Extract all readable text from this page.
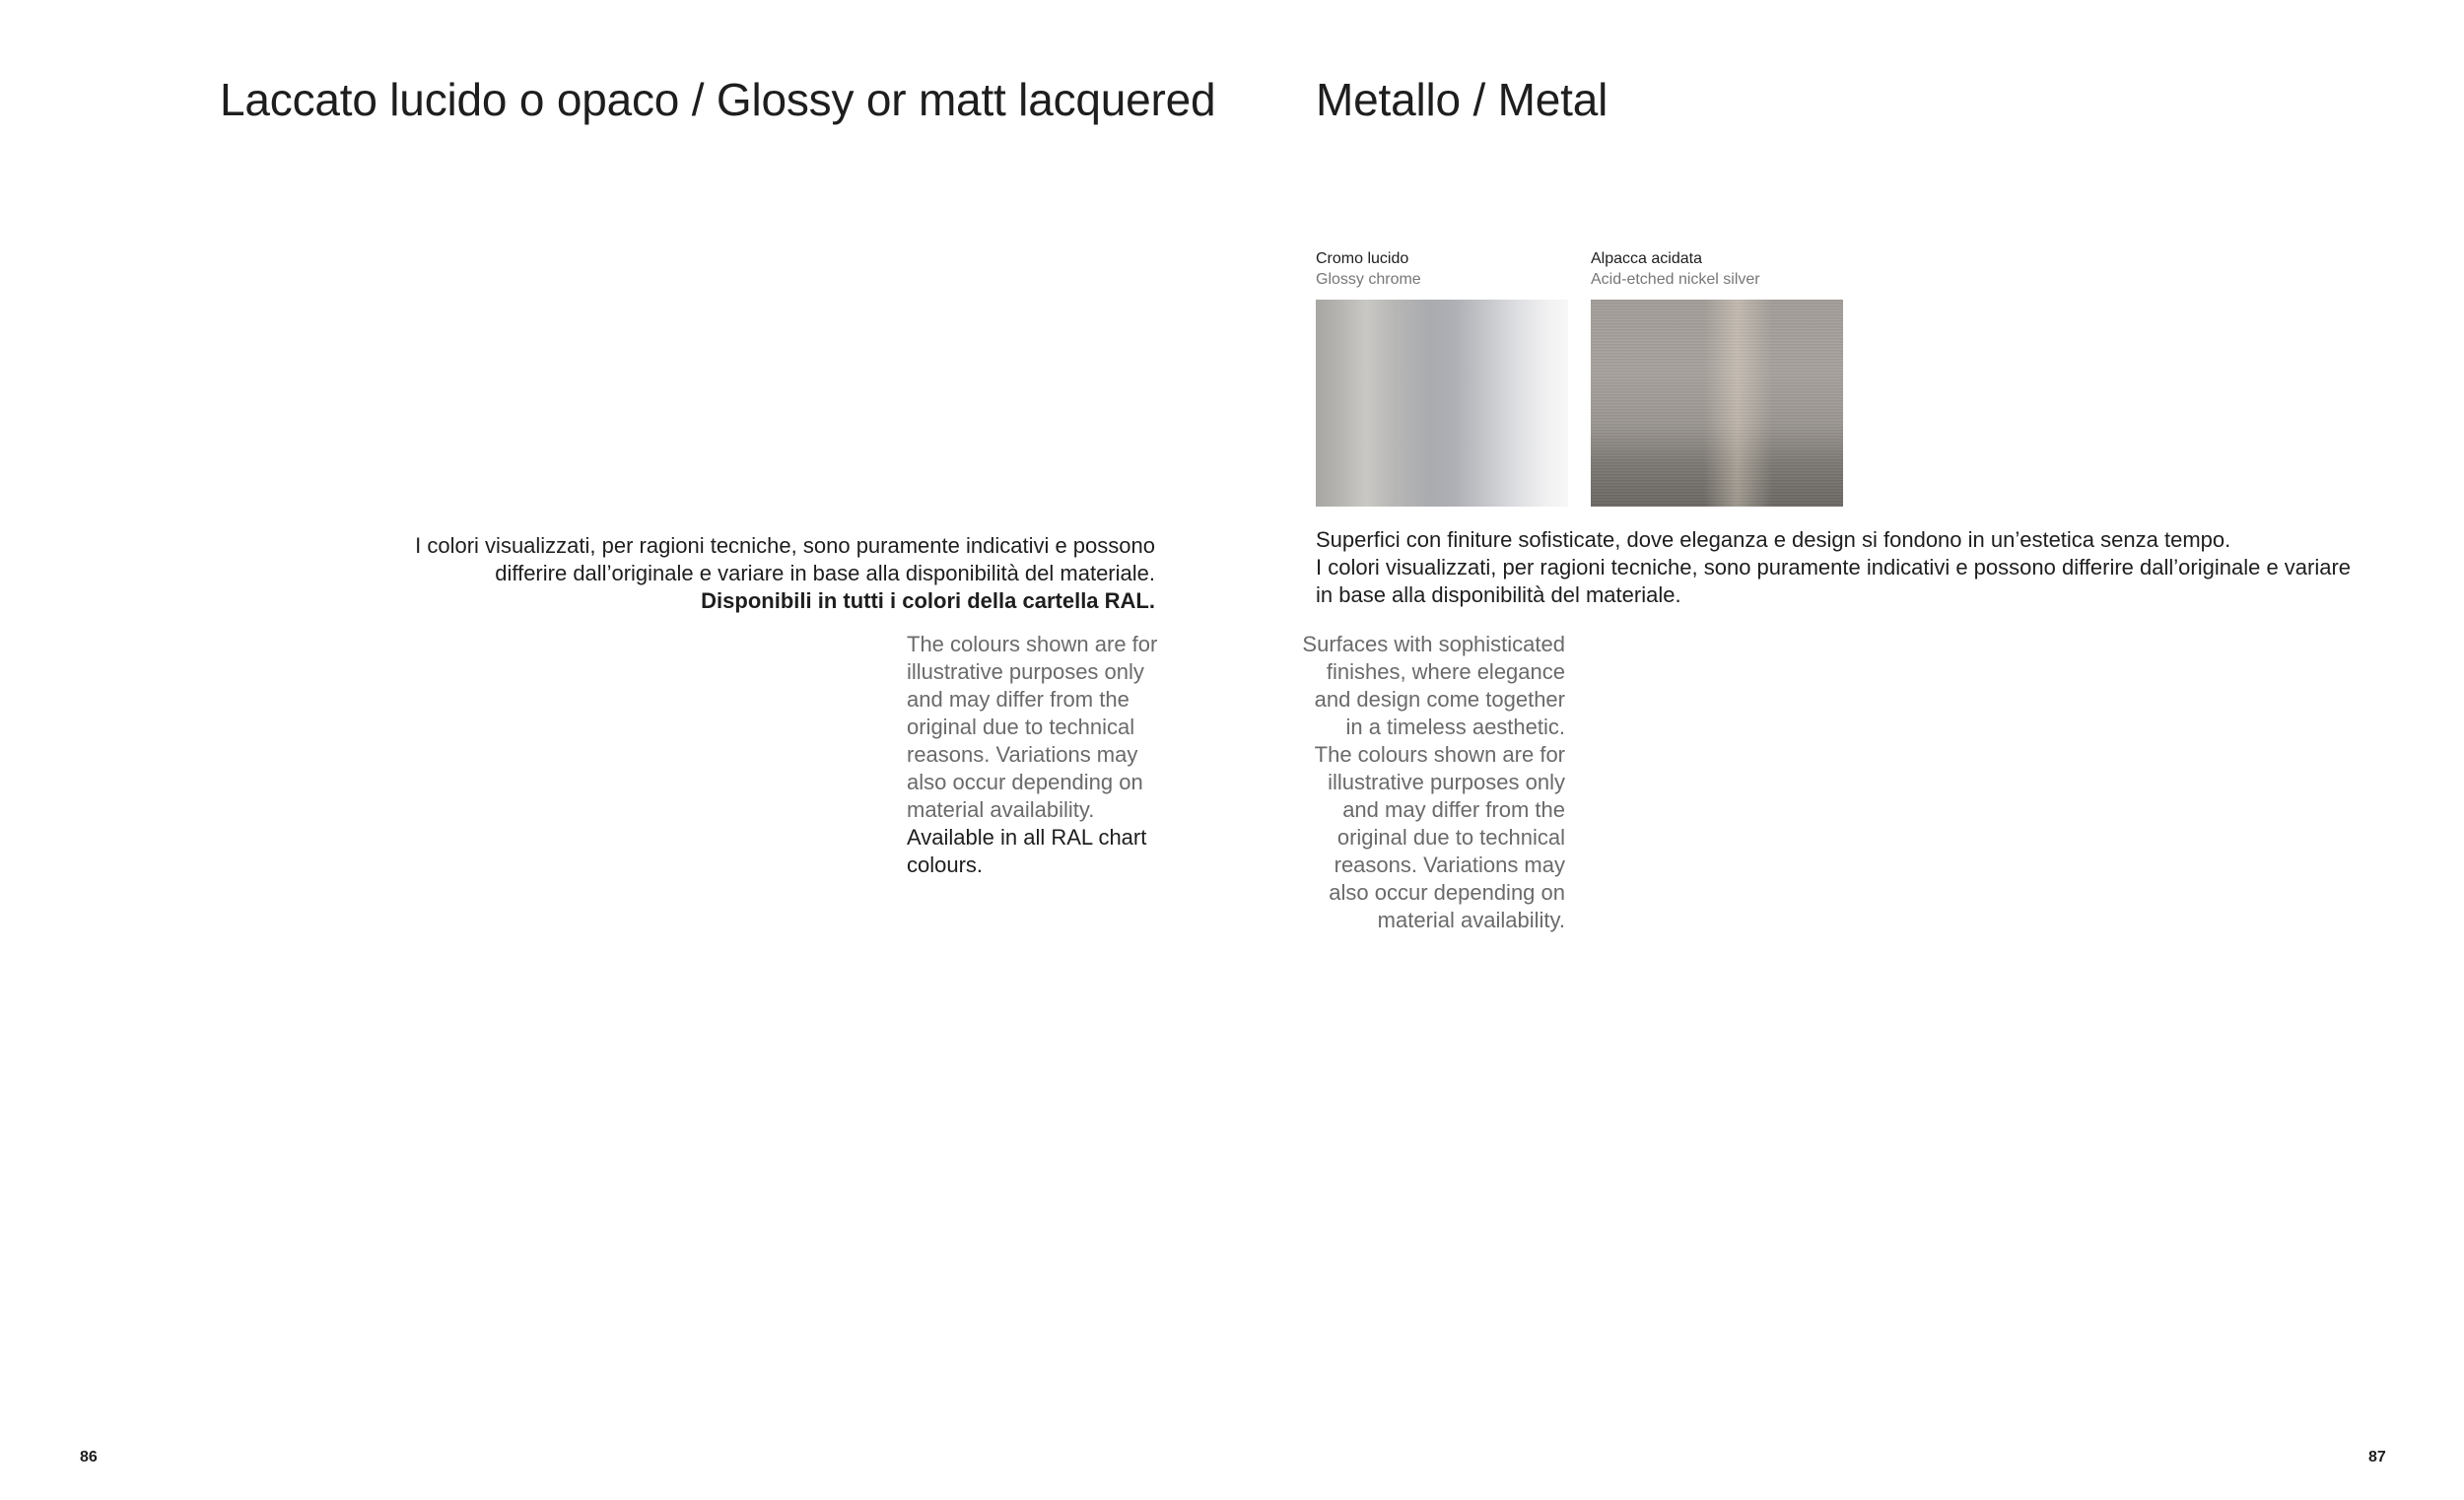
Laccato lucido o opaco / Glossy or matt lacquered
I colori visualizzati, per ragioni tecniche, sono puramente indicativi e possono
differire dall’originale e variare in base alla disponibilità del materiale.
Disponibili in tutti i colori della cartella RAL.
The colours shown are for
illustrative purposes only
and may differ from the
original due to technical
reasons. Variations may
also occur depending on
material availability.
Available in all RAL chart
colours.
86
Metallo / Metal
Cromo lucido
Glossy chrome
Alpacca acidata
Acid-etched nickel silver
Superfici con finiture sofisticate, dove eleganza e design si fondono in un’estetica senza tempo.
I colori visualizzati, per ragioni tecniche, sono puramente indicativi e possono differire dall’originale e variare
in base alla disponibilità del materiale.
Surfaces with sophisticated
finishes, where elegance
and design come together
in a timeless aesthetic.
The colours shown are for
illustrative purposes only
and may differ from the
original due to technical
reasons. Variations may
also occur depending on
material availability.
87
